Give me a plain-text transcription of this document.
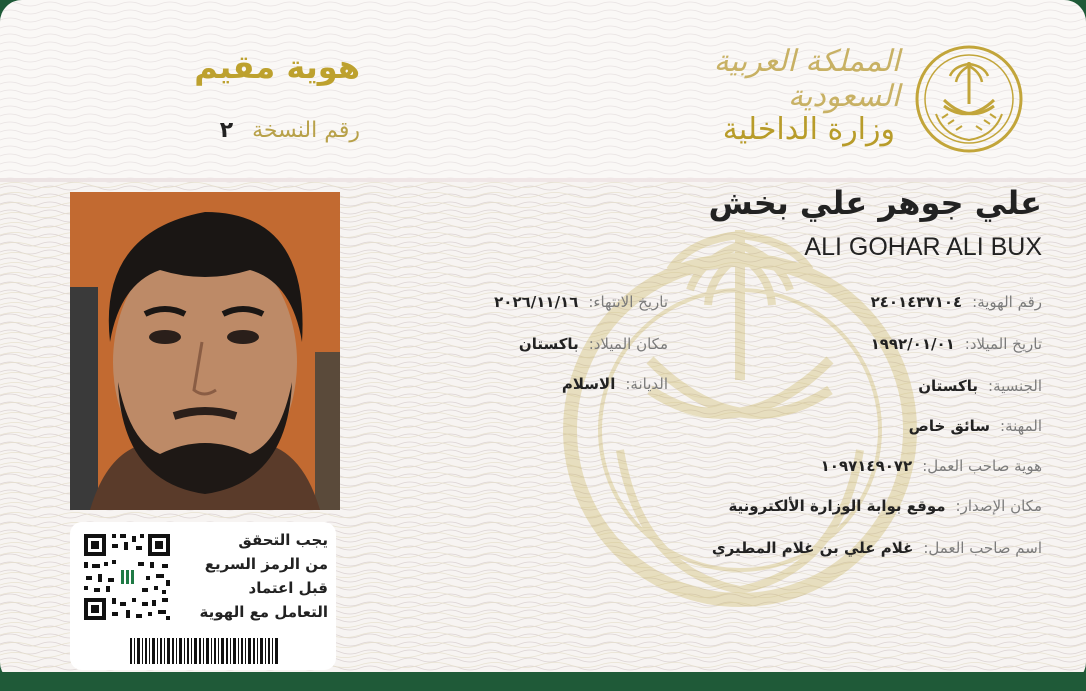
هوية مقيم
رقم النسخة ٢
المملكة العربية السعودية
وزارة الداخلية
يجب التحقق
من الرمز السريع
قبل اعتماد
التعامل مع الهوية
علي جوهر علي بخش
ALI GOHAR ALI BUX
رقم الهوية:٢٤٠١٤٣٧١٠٤
تاريخ الميلاد:١٩٩٢/٠١/٠١
الجنسية:باكستان
المهنة:سائق خاص
هوية صاحب العمل:١٠٩٧١٤٩٠٧٢
مكان الإصدار:موقع بوابة الوزارة الألكترونية
اسم صاحب العمل:غلام علي بن غلام المطيري
تاريخ الانتهاء:٢٠٢٦/١١/١٦
مكان الميلاد:باكستان
الديانة:الاسلام
